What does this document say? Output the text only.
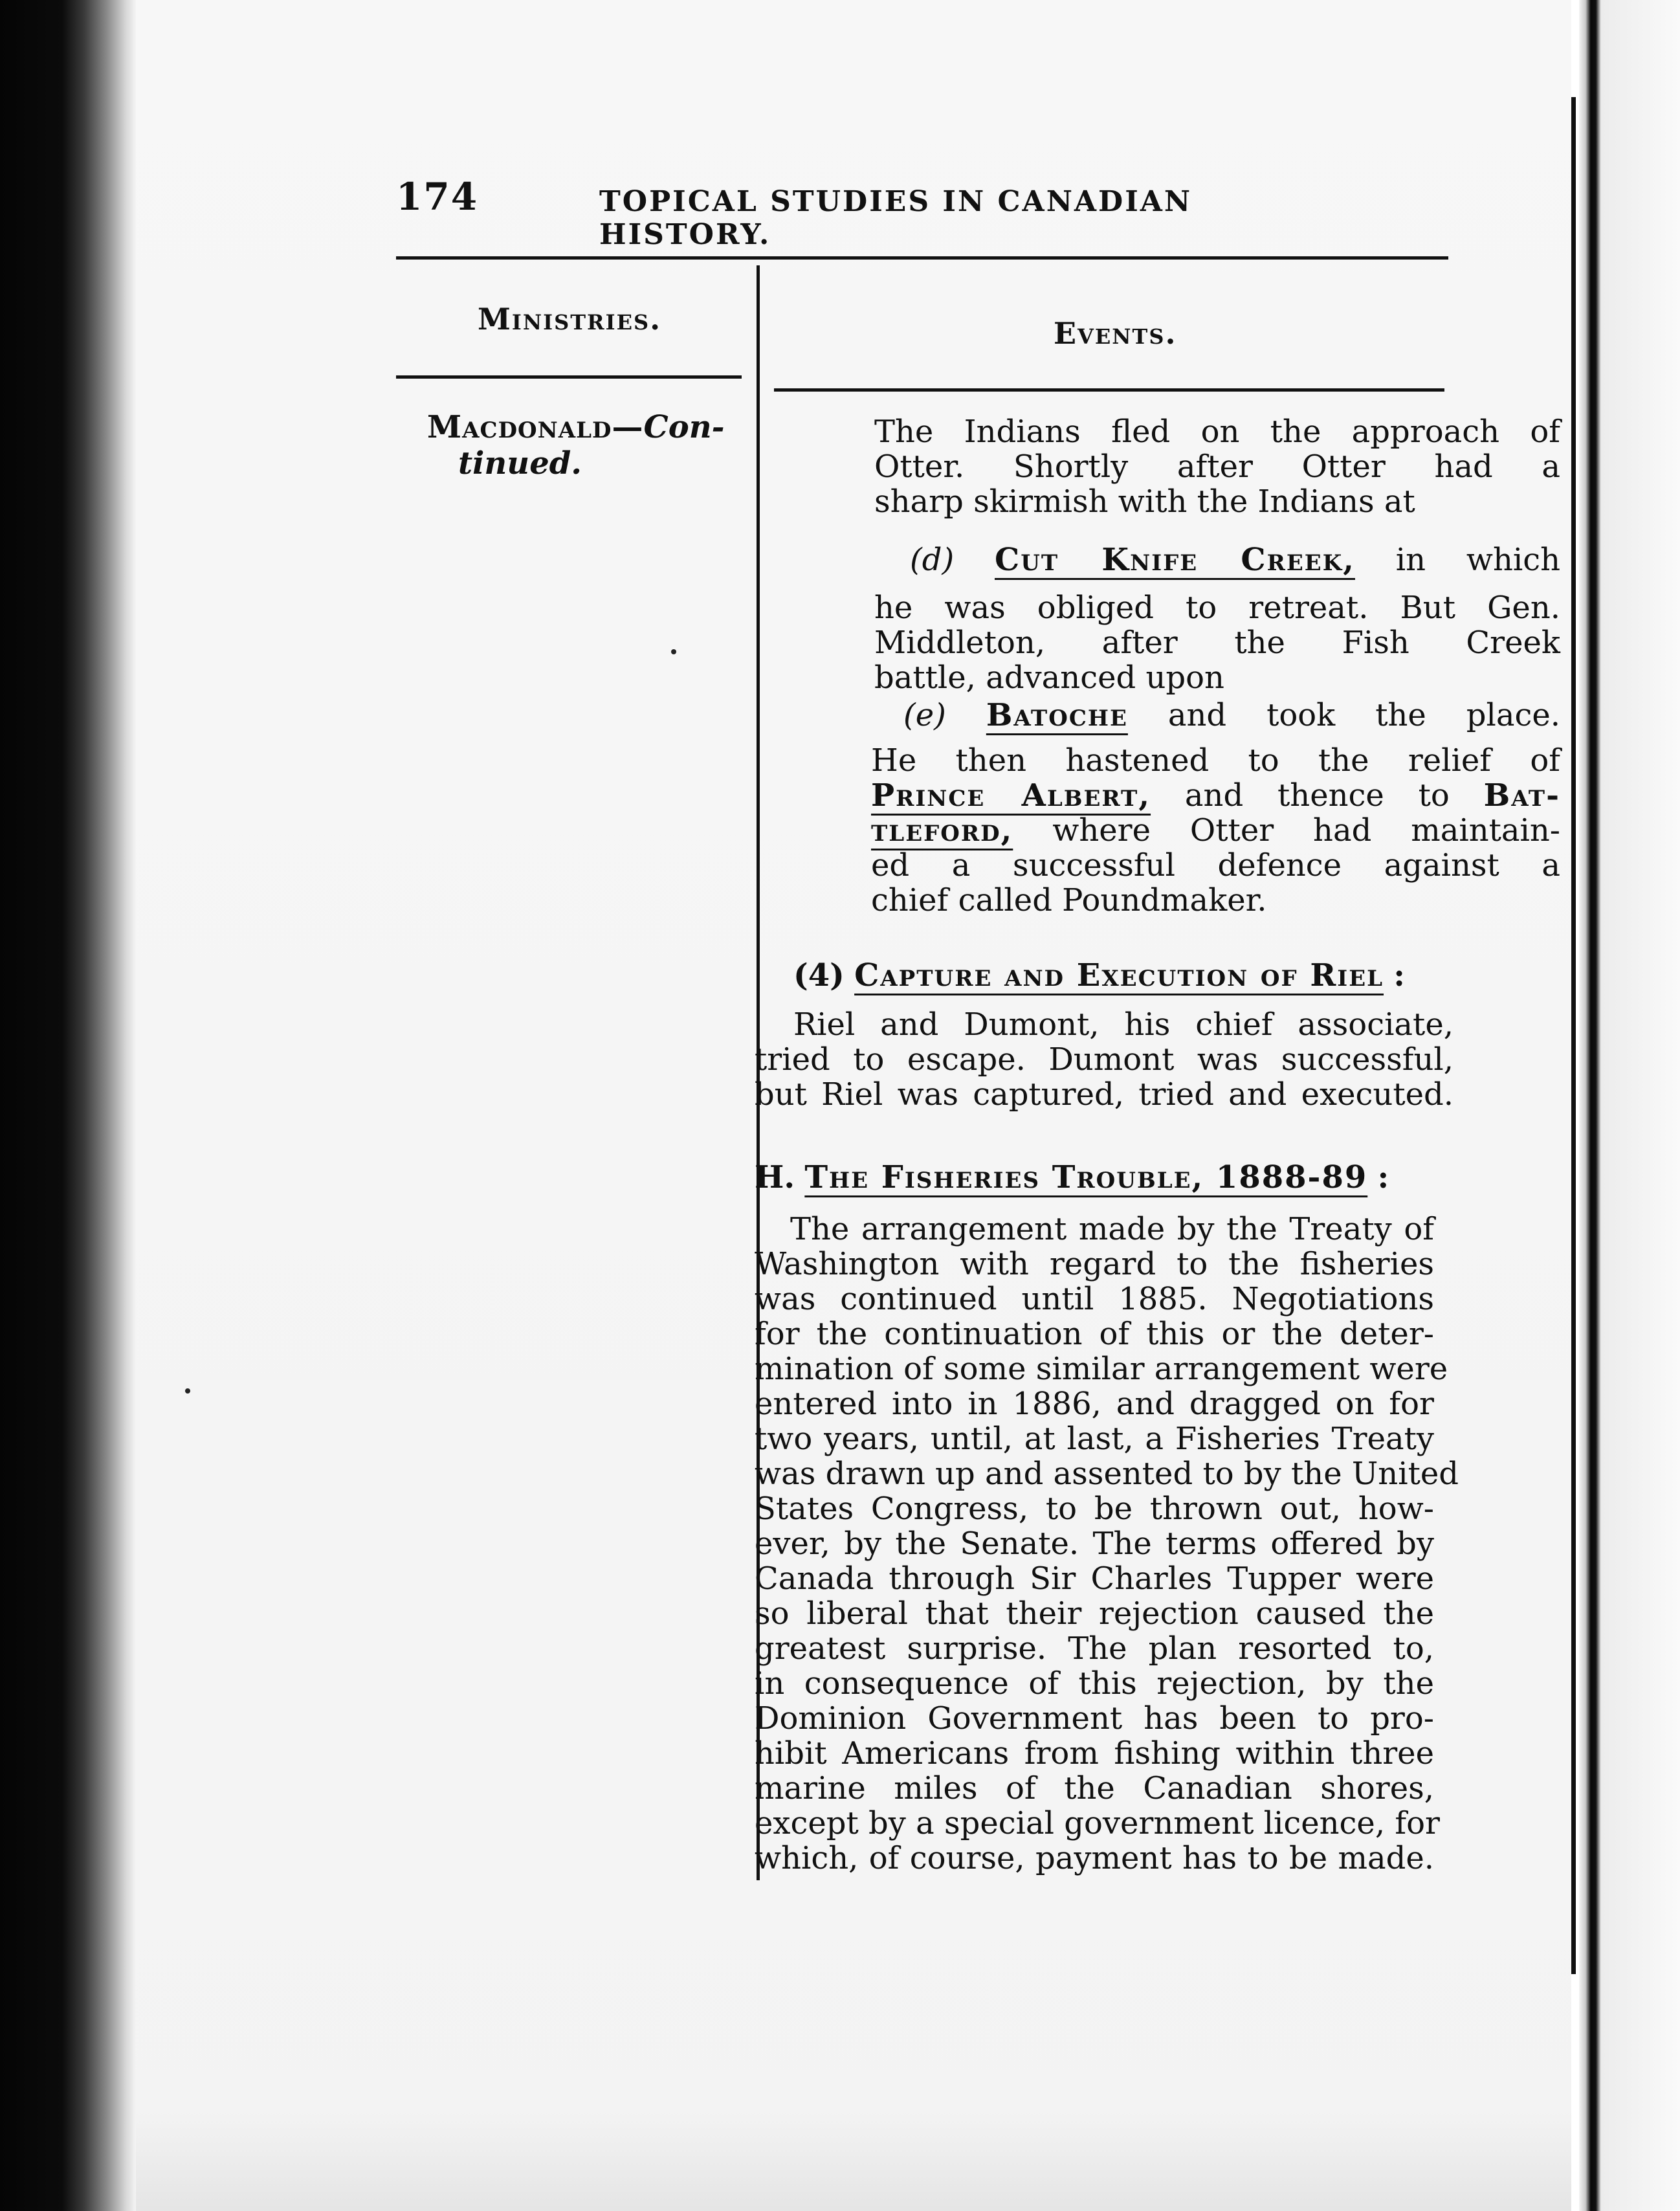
174	TOPICAL STUDIES IN CANADIAN HISTORY.
Ministries.	Events.
Macdonald—Con-
tinued.
The Indians fled on the approach of
Otter. Shortly after Otter had a
sharp skirmish with the Indians at
(d) Cut Knife Creek, in which
he was obliged to retreat. But Gen.
Middleton, after the Fish Creek
battle, advanced upon
(e) Batoche and took the place.
He then hastened to the relief of
Prince Albert, and thence to Bat-
tleford, where Otter had maintain-
ed a successful defence against a
chief called Poundmaker.
(4) Capture and Execution of Riel :
Riel and Dumont, his chief associate,
tried to escape. Dumont was successful,
but Riel was captured, tried and executed.
H. The Fisheries Trouble, 1888-89 :
The arrangement made by the Treaty of
Washington with regard to the fisheries
was continued until 1885. Negotiations
for the continuation of this or the deter-
mination of some similar arrangement were
entered into in 1886, and dragged on for
two years, until, at last, a Fisheries Treaty
was drawn up and assented to by the United
States Congress, to be thrown out, how-
ever, by the Senate. The terms offered by
Canada through Sir Charles Tupper were
so liberal that their rejection caused the
greatest surprise. The plan resorted to,
in consequence of this rejection, by the
Dominion Government has been to pro-
hibit Americans from fishing within three
marine miles of the Canadian shores,
except by a special government licence, for
which, of course, payment has to be made.
